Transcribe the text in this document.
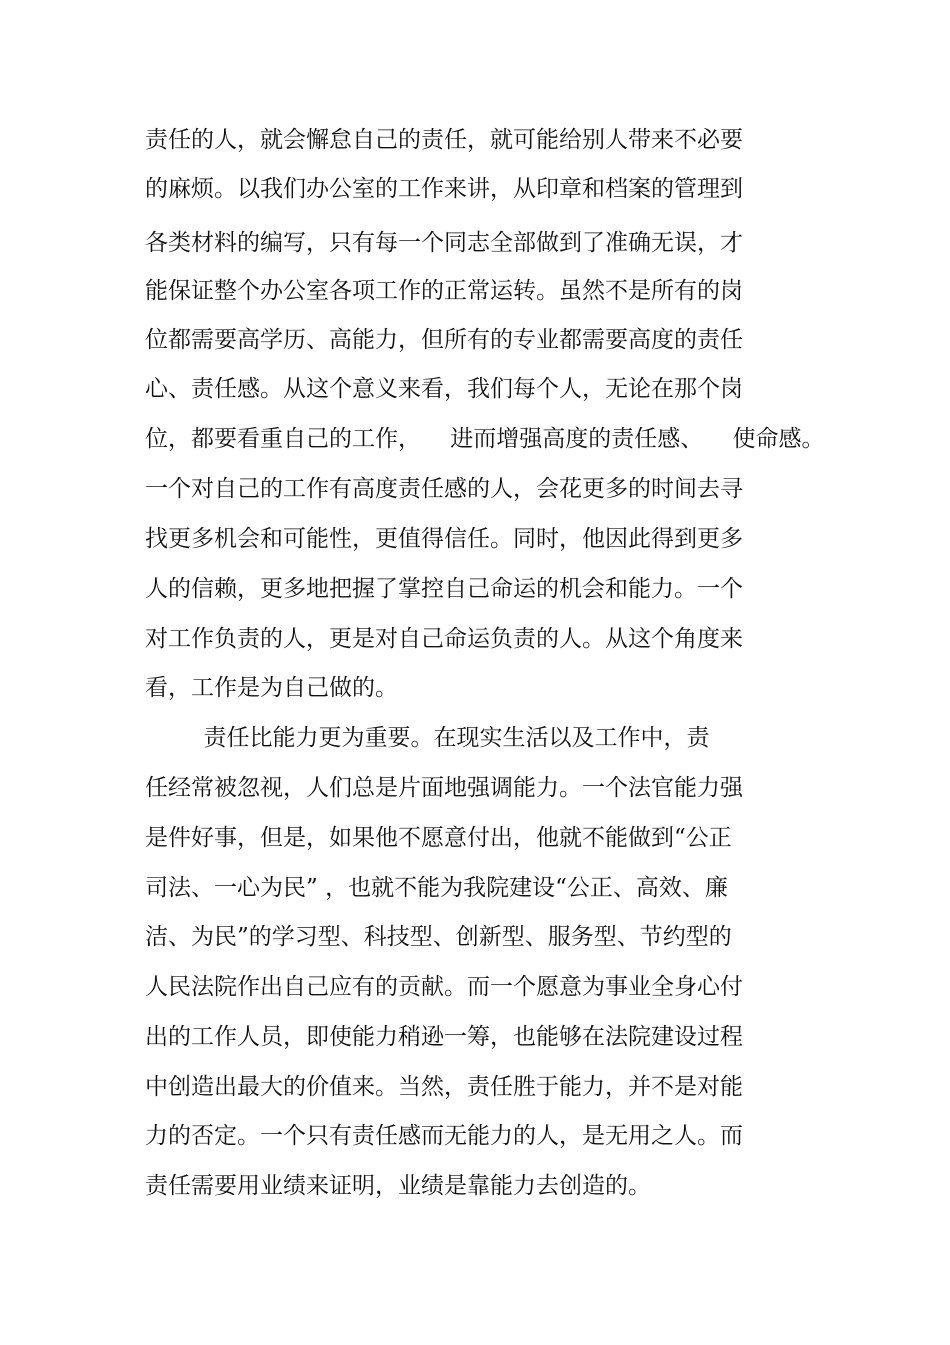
责任的人，就会懈怠自己的责任，就可能给别人带来不必要
的麻烦。以我们办公室的工作来讲，从印章和档案的管理到
各类材料的编写，只有每一个同志全部做到了准确无误，才
能保证整个办公室各项工作的正常运转。虽然不是所有的岗
位都需要高学历、高能力，但所有的专业都需要高度的责任
心、责任感。从这个意义来看，我们每个人，无论在那个岗
位，都要看重自己的工作，    进而增强高度的责任感、    使命感。
一个对自己的工作有高度责任感的人，会花更多的时间去寻
找更多机会和可能性，更值得信任。同时，他因此得到更多
人的信赖，更多地把握了掌控自己命运的机会和能力。一个
对工作负责的人，更是对自己命运负责的人。从这个角度来
看，工作是为自己做的。
责任比能力更为重要。在现实生活以及工作中，责
任经常被忽视，人们总是片面地强调能力。一个法官能力强
是件好事，但是，如果他不愿意付出，他就不能做到“公正
司法、一心为民” ，也就不能为我院建设“公正、高效、廉
洁、为民”的学习型、科技型、创新型、服务型、节约型的
人民法院作出自己应有的贡献。而一个愿意为事业全身心付
出的工作人员，即使能力稍逊一筹，也能够在法院建设过程
中创造出最大的价值来。当然，责任胜于能力，并不是对能
力的否定。一个只有责任感而无能力的人，是无用之人。而
责任需要用业绩来证明，业绩是靠能力去创造的。
